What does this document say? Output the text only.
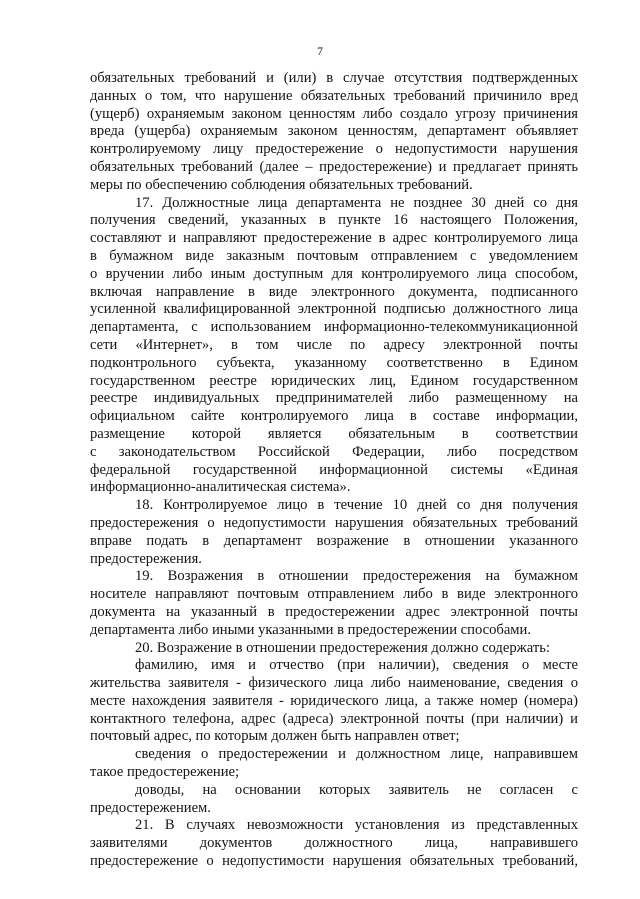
7
обязательных требований и (или) в случае отсутствия подтвержденных
данных о том, что нарушение обязательных требований причинило вред
(ущерб) охраняемым законом ценностям либо создало угрозу причинения
вреда (ущерба) охраняемым законом ценностям, департамент объявляет
контролируемому лицу предостережение о недопустимости нарушения
обязательных требований (далее – предостережение) и предлагает принять
меры по обеспечению соблюдения обязательных требований.
17. Должностные лица департамента не позднее 30 дней со дня
получения сведений, указанных в пункте 16 настоящего Положения,
составляют и направляют предостережение в адрес контролируемого лица
в бумажном виде заказным почтовым отправлением с уведомлением
о вручении либо иным доступным для контролируемого лица способом,
включая направление в виде электронного документа, подписанного
усиленной квалифицированной электронной подписью должностного лица
департамента, с использованием информационно-телекоммуникационной
сети «Интернет», в том числе по адресу электронной почты
подконтрольного субъекта, указанному соответственно в Едином
государственном реестре юридических лиц, Едином государственном
реестре индивидуальных предпринимателей либо размещенному на
официальном сайте контролируемого лица в составе информации,
размещение которой является обязательным в соответствии
с законодательством Российской Федерации, либо посредством
федеральной государственной информационной системы «Единая
информационно-аналитическая система».
18. Контролируемое лицо в течение 10 дней со дня получения
предостережения о недопустимости нарушения обязательных требований
вправе подать в департамент возражение в отношении указанного
предостережения.
19. Возражения в отношении предостережения на бумажном
носителе направляют почтовым отправлением либо в виде электронного
документа на указанный в предостережении адрес электронной почты
департамента либо иными указанными в предостережении способами.
20. Возражение в отношении предостережения должно содержать:
фамилию, имя и отчество (при наличии), сведения о месте
жительства заявителя - физического лица либо наименование, сведения о
месте нахождения заявителя - юридического лица, а также номер (номера)
контактного телефона, адрес (адреса) электронной почты (при наличии) и
почтовый адрес, по которым должен быть направлен ответ;
сведения о предостережении и должностном лице, направившем
такое предостережение;
доводы, на основании которых заявитель не согласен с
предостережением.
21. В случаях невозможности установления из представленных
заявителями документов должностного лица, направившего
предостережение о недопустимости нарушения обязательных требований,
